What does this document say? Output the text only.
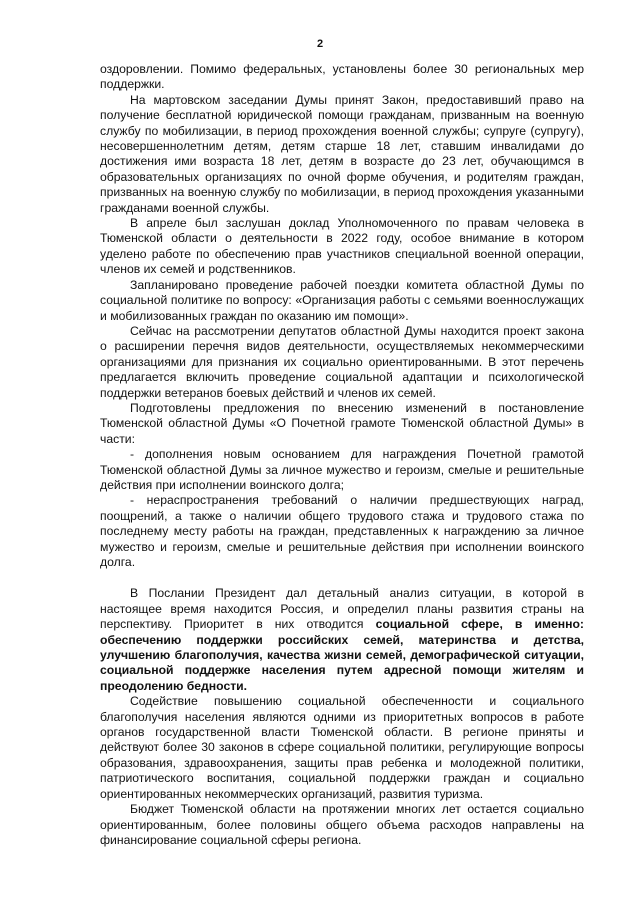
2

оздоровлении. Помимо федеральных, установлены более 30 региональных мер поддержки.

На мартовском заседании Думы принят Закон, предоставивший право на получение бесплатной юридической помощи гражданам, призванным на военную службу по мобилизации, в период прохождения военной службы; супруге (супругу), несовершеннолетним детям, детям старше 18 лет, ставшим инвалидами до достижения ими возраста 18 лет, детям в возрасте до 23 лет, обучающимся в образовательных организациях по очной форме обучения, и родителям граждан, призванных на военную службу по мобилизации, в период прохождения указанными гражданами военной службы.

В апреле был заслушан доклад Уполномоченного по правам человека в Тюменской области о деятельности в 2022 году, особое внимание в котором уделено работе по обеспечению прав участников специальной военной операции, членов их семей и родственников.

Запланировано проведение рабочей поездки комитета областной Думы по социальной политике по вопросу: «Организация работы с семьями военнослужащих и мобилизованных граждан по оказанию им помощи».

Сейчас на рассмотрении депутатов областной Думы находится проект закона о расширении перечня видов деятельности, осуществляемых некоммерческими организациями для признания их социально ориентированными. В этот перечень предлагается включить проведение социальной адаптации и психологической поддержки ветеранов боевых действий и членов их семей.

Подготовлены предложения по внесению изменений в постановление Тюменской областной Думы «О Почетной грамоте Тюменской областной Думы» в части:

- дополнения новым основанием для награждения Почетной грамотой Тюменской областной Думы за личное мужество и героизм, смелые и решительные действия при исполнении воинского долга;

- нераспространения требований о наличии предшествующих наград, поощрений, а также о наличии общего трудового стажа и трудового стажа по последнему месту работы на граждан, представленных к награждению за личное мужество и героизм, смелые и решительные действия при исполнении воинского долга.

В Послании Президент дал детальный анализ ситуации, в которой в настоящее время находится Россия, и определил планы развития страны на перспективу. Приоритет в них отводится социальной сфере, в именно: обеспечению поддержки российских семей, материнства и детства, улучшению благополучия, качества жизни семей, демографической ситуации, социальной поддержке населения путем адресной помощи жителям и преодолению бедности.

Содействие повышению социальной обеспеченности и социального благополучия населения являются одними из приоритетных вопросов в работе органов государственной власти Тюменской области. В регионе приняты и действуют более 30 законов в сфере социальной политики, регулирующие вопросы образования, здравоохранения, защиты прав ребенка и молодежной политики, патриотического воспитания, социальной поддержки граждан и социально ориентированных некоммерческих организаций, развития туризма.

Бюджет Тюменской области на протяжении многих лет остается социально ориентированным, более половины общего объема расходов направлены на финансирование социальной сферы региона.
